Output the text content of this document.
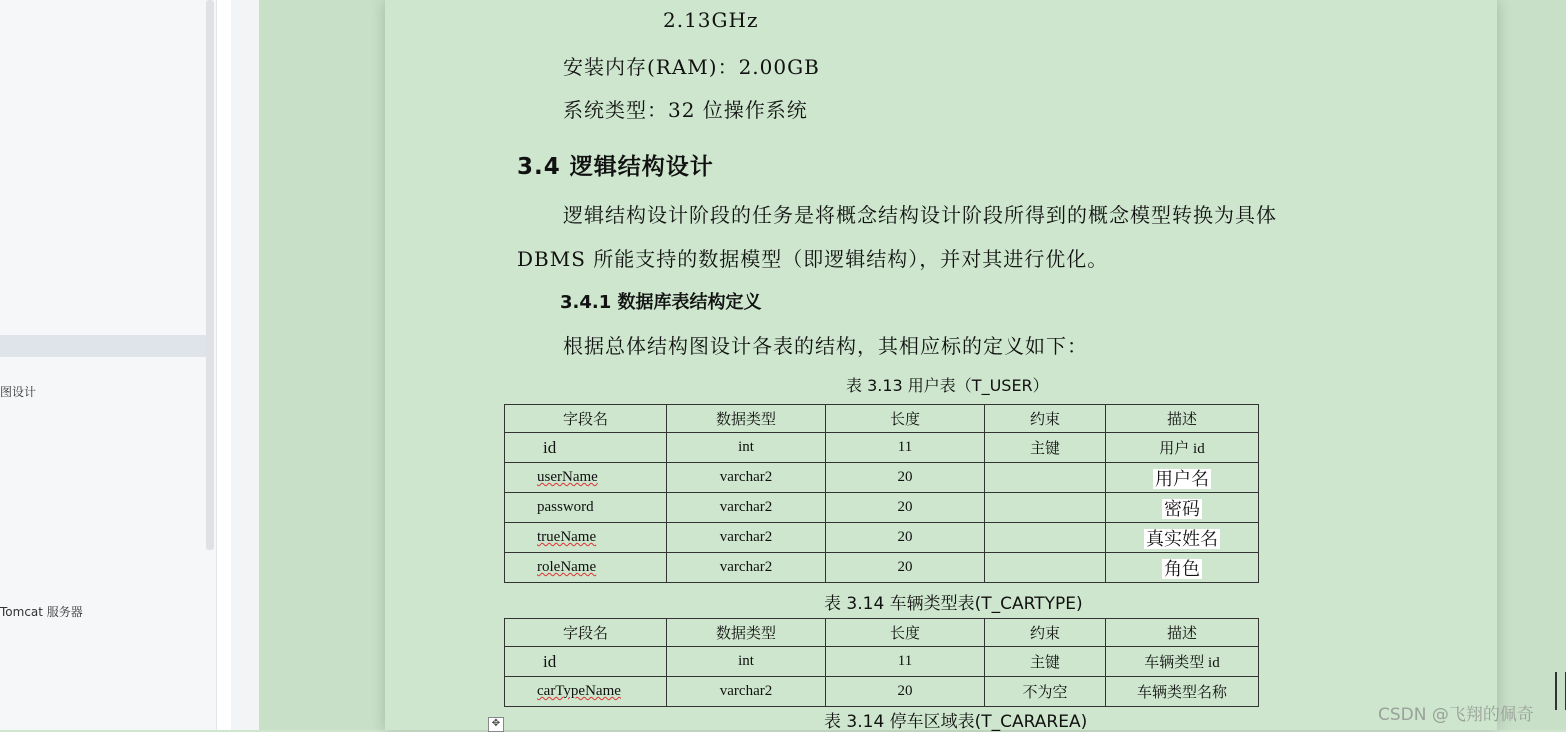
图设计
Tomcat 服务器
2.13GHz
安装内存(RAM)：2.00GB
系统类型：32 位操作系统
3.4 逻辑结构设计
逻辑结构设计阶段的任务是将概念结构设计阶段所得到的概念模型转换为具体
DBMS 所能支持的数据模型（即逻辑结构），并对其进行优化。
3.4.1 数据库表结构定义
根据总体结构图设计各表的结构，其相应标的定义如下：
表 3.13 用户表（T_USER）
字段名	数据类型	长度	约束	描述
id	int	11	主键	用户 id
userName	varchar2	20		用户名
password	varchar2	20		密码
trueName	varchar2	20		真实姓名
roleName	varchar2	20		角色
表 3.14 车辆类型表(T_CARTYPE)
字段名	数据类型	长度	约束	描述
id	int	11	主键	车辆类型 id
carTypeName	varchar2	20	不为空	车辆类型名称
表 3.14 停车区域表(T_CARAREA)
✥	CSDN @飞翔的佩奇
